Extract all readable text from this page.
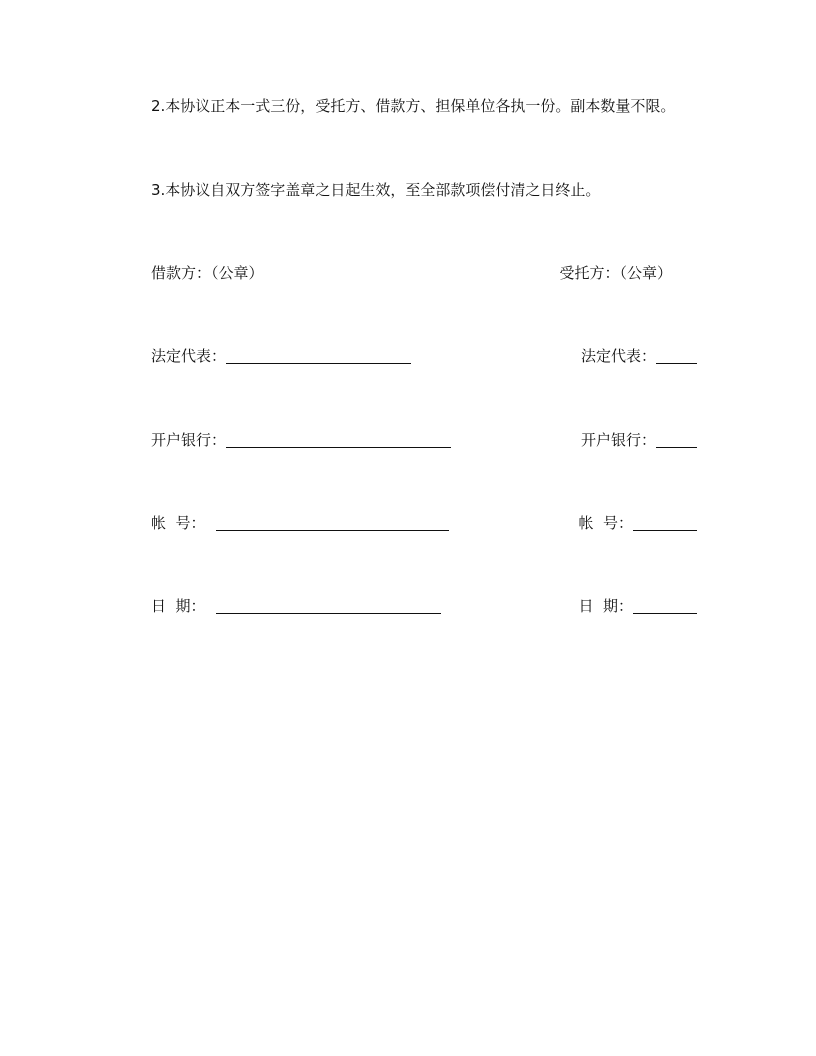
2.本协议正本一式三份，受托方、借款方、担保单位各执一份。副本数量不限。
3.本协议自双方签字盖章之日起生效，至全部款项偿付清之日终止。
借款方：（公章）	受托方：（公章）
法定代表：	法定代表：
开户银行：	开户银行：
帐  号：	帐  号：
日  期：	日  期：
